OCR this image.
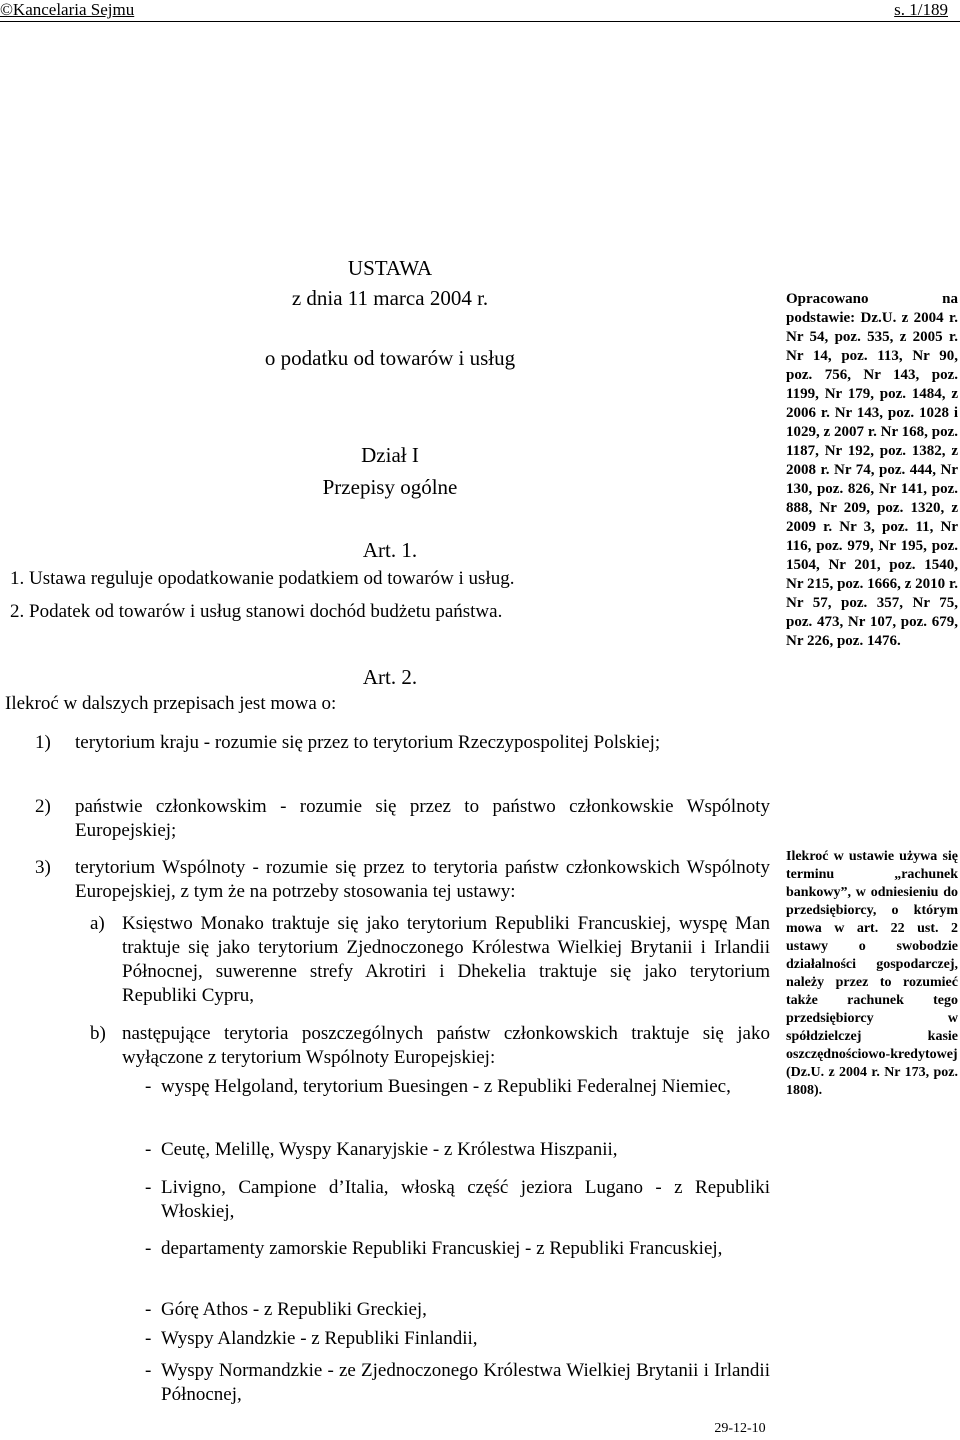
©Kancelaria Sejmu	s. 1/189
USTAWA
z dnia 11 marca 2004 r.
o podatku od towarów i usług
Dział I
Przepisy ogólne
Art. 1.
1. Ustawa reguluje opodatkowanie podatkiem od towarów i usług.
2. Podatek od towarów i usług stanowi dochód budżetu państwa.
Art. 2.
Ilekroć w dalszych przepisach jest mowa o:
1) terytorium kraju - rozumie się przez to terytorium Rzeczypospolitej Polskiej;
2) państwie członkowskim - rozumie się przez to państwo członkowskie Wspólnoty Europejskiej;
3) terytorium Wspólnoty - rozumie się przez to terytoria państw członkowskich Wspólnoty Europejskiej, z tym że na potrzeby stosowania tej ustawy:
a) Księstwo Monako traktuje się jako terytorium Republiki Francuskiej, wyspę Man traktuje się jako terytorium Zjednoczonego Królestwa Wielkiej Brytanii i Irlandii Północnej, suwerenne strefy Akrotiri i Dhekelia traktuje się jako terytorium Republiki Cypru,
b) następujące terytoria poszczególnych państw członkowskich traktuje się jako wyłączone z terytorium Wspólnoty Europejskiej:
- wyspę Helgoland, terytorium Buesingen - z Republiki Federalnej Niemiec,
- Ceutę, Melillę, Wyspy Kanaryjskie - z Królestwa Hiszpanii,
- Livigno, Campione d’Italia, włoską część jeziora Lugano - z Republiki Włoskiej,
- departamenty zamorskie Republiki Francuskiej - z Republiki Francuskiej,
- Górę Athos - z Republiki Greckiej,
- Wyspy Alandzkie - z Republiki Finlandii,
- Wyspy Normandzkie - ze Zjednoczonego Królestwa Wielkiej Brytanii i Irlandii Północnej,
Opracowano na podstawie: Dz.U. z 2004 r. Nr 54, poz. 535, z 2005 r. Nr 14, poz. 113, Nr 90, poz. 756, Nr 143, poz. 1199, Nr 179, poz. 1484, z 2006 r. Nr 143, poz. 1028 i 1029, z 2007 r. Nr 168, poz. 1187, Nr 192, poz. 1382, z 2008 r. Nr 74, poz. 444, Nr 130, poz. 826, Nr 141, poz. 888, Nr 209, poz. 1320, z 2009 r. Nr 3, poz. 11, Nr 116, poz. 979, Nr 195, poz. 1504, Nr 201, poz. 1540, Nr 215, poz. 1666, z 2010 r. Nr 57, poz. 357, Nr 75, poz. 473, Nr 107, poz. 679, Nr 226, poz. 1476.
Ilekroć w ustawie używa się terminu „rachunek bankowy”, w odniesieniu do przedsiębiorcy, o którym mowa w art. 22 ust. 2 ustawy o swobodzie działalności gospodarczej, należy przez to rozumieć także rachunek tego przedsiębiorcy w spółdzielczej kasie oszczędnościowo-kredytowej (Dz.U. z 2004 r. Nr 173, poz. 1808).
29-12-10
